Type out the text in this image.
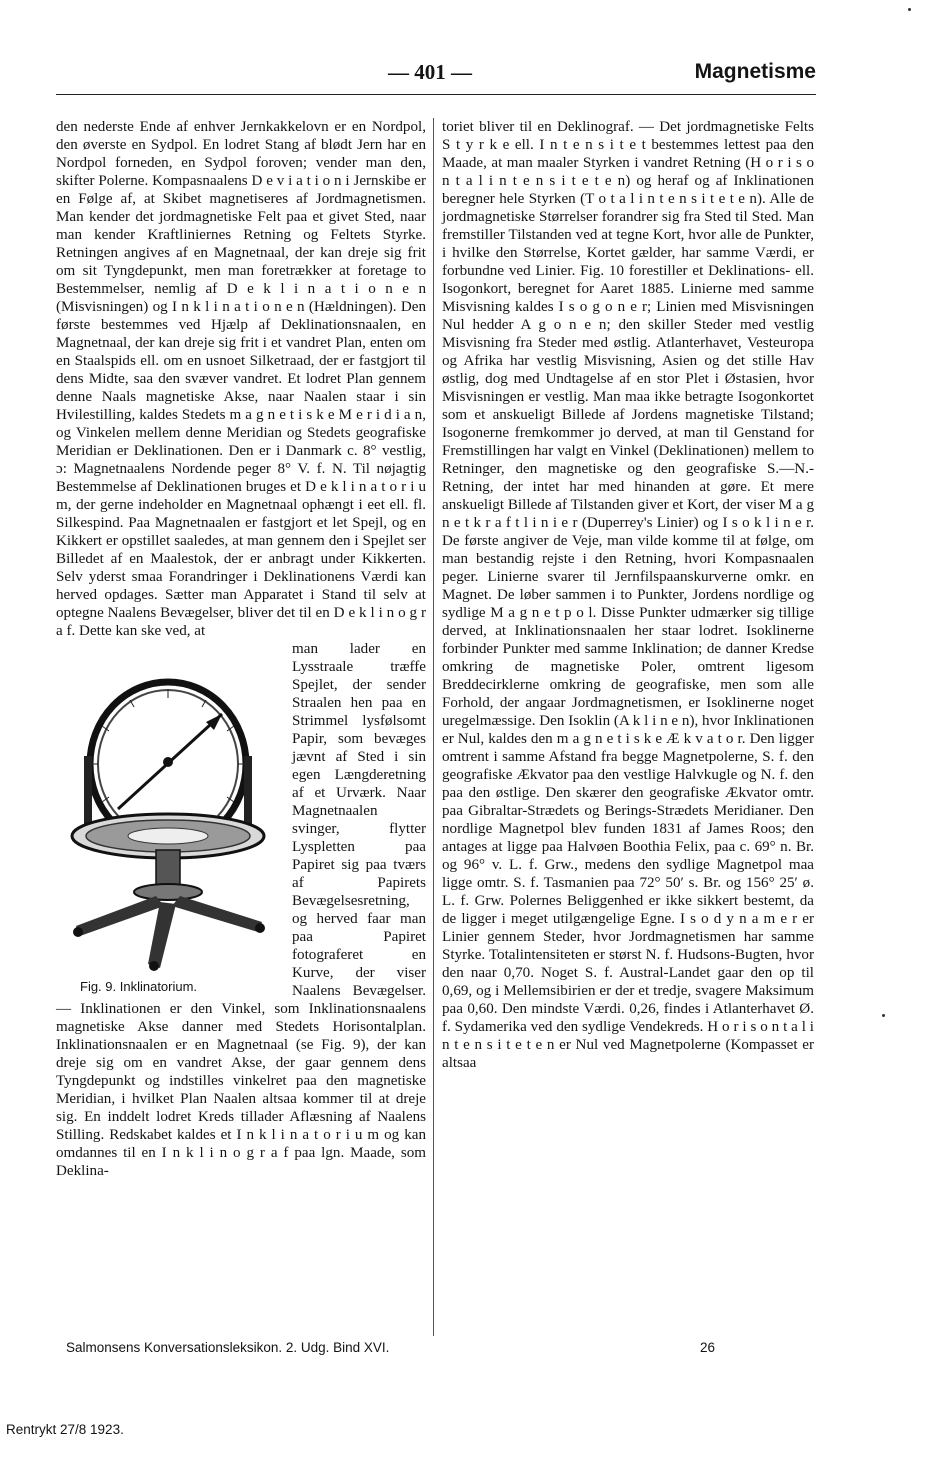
— 401 —	Magnetisme

den nederste Ende af enhver Jernkakkelovn er en Nordpol, den øverste en Sydpol. En lodret Stang af blødt Jern har en Nordpol forneden, en Sydpol foroven; vender man den, skifter Polerne. Kompasnaalens D e v i a t i o n i Jernskibe er en Følge af, at Skibet magnetiseres af Jordmagnetismen. Man kender det jordmagnetiske Felt paa et givet Sted, naar man kender Kraftliniernes Retning og Feltets Styrke. Retningen angives af en Magnetnaal, der kan dreje sig frit om sit Tyngdepunkt, men man foretrækker at foretage to Bestemmelser, nemlig af D e k l i n a t i o n e n (Misvisningen) og I n k l i n a t i o n e n (Hældningen). Den første bestemmes ved Hjælp af Deklinationsnaalen, en Magnetnaal, der kan dreje sig frit i et vandret Plan, enten om en Staalspids ell. om en usnoet Silketraad, der er fastgjort til dens Midte, saa den svæver vandret. Et lodret Plan gennem denne Naals magnetiske Akse, naar Naalen staar i sin Hvilestilling, kaldes Stedets m a g n e t i s k e M e r i d i a n, og Vinkelen mellem denne Meridian og Stedets geografiske Meridian er Deklinationen. Den er i Danmark c. 8° vestlig, ɔ: Magnetnaalens Nordende peger 8° V. f. N. Til nøjagtig Bestemmelse af Deklinationen bruges et D e k l i n a t o r i u m, der gerne indeholder en Magnetnaal ophængt i eet ell. fl. Silkespind. Paa Magnetnaalen er fastgjort et let Spejl, og en Kikkert er opstillet saaledes, at man gennem den i Spejlet ser Billedet af en Maalestok, der er anbragt under Kikkerten. Selv yderst smaa Forandringer i Deklinationens Værdi kan herved opdages. Sætter man Apparatet i Stand til selv at optegne Naalens Bevægelser, bliver det til en D e k l i n o g r a f. Dette kan ske ved, at

Fig. 9. Inklinatorium.
man lader en Lysstraale træffe Spejlet, der sender Straalen hen paa en Strimmel lysfølsomt Papir, som bevæges jævnt af Sted i sin egen Længderetning af et Urværk. Naar Magnetnaalen svinger, flytter Lyspletten paa Papiret sig paa tværs af Papirets Bevægelsesretning, og herved faar man paa Papiret fotograferet en Kurve, der viser Naalens Bevægelser. — Inklinationen er den Vinkel, som Inklinationsnaalens magnetiske Akse danner med Stedets Horisontalplan. Inklinationsnaalen er en Magnetnaal (se Fig. 9), der kan dreje sig om en vandret Akse, der gaar gennem dens Tyngdepunkt og indstilles vinkelret paa den magnetiske Meridian, i hvilket Plan Naalen altsaa kommer til at dreje sig. En inddelt lodret Kreds tillader Aflæsning af Naalens Stilling. Redskabet kaldes et I n k l i n a t o r i u m og kan omdannes til en I n k l i n o g r a f paa lgn. Maade, som Deklina-

toriet bliver til en Deklinograf. — Det jordmagnetiske Felts S t y r k e ell. I n t e n s i t e t bestemmes lettest paa den Maade, at man maaler Styrken i vandret Retning (H o r i s o n t a l i n t e n s i t e t e n) og heraf og af Inklinationen beregner hele Styrken (T o t a l i n t e n s i t e t e n). Alle de jordmagnetiske Størrelser forandrer sig fra Sted til Sted. Man fremstiller Tilstanden ved at tegne Kort, hvor alle de Punkter, i hvilke den Størrelse, Kortet gælder, har samme Værdi, er forbundne ved Linier. Fig. 10 forestiller et Deklinations- ell. Isogonkort, beregnet for Aaret 1885. Linierne med samme Misvisning kaldes I s o g o n e r; Linien med Misvisningen Nul hedder A g o n e n; den skiller Steder med vestlig Misvisning fra Steder med østlig. Atlanterhavet, Vesteuropa og Afrika har vestlig Misvisning, Asien og det stille Hav østlig, dog med Undtagelse af en stor Plet i Østasien, hvor Misvisningen er vestlig. Man maa ikke betragte Isogonkortet som et anskueligt Billede af Jordens magnetiske Tilstand; Isogonerne fremkommer jo derved, at man til Genstand for Fremstillingen har valgt en Vinkel (Deklinationen) mellem to Retninger, den magnetiske og den geografiske S.—N.-Retning, der intet har med hinanden at gøre. Et mere anskueligt Billede af Tilstanden giver et Kort, der viser M a g n e t k r a f t l i n i e r (Duperrey's Linier) og I s o k l i n e r. De første angiver de Veje, man vilde komme til at følge, om man bestandig rejste i den Retning, hvori Kompasnaalen peger. Linierne svarer til Jernfilspaanskurverne omkr. en Magnet. De løber sammen i to Punkter, Jordens nordlige og sydlige M a g n e t p o l. Disse Punkter udmærker sig tillige derved, at Inklinationsnaalen her staar lodret. Isoklinerne forbinder Punkter med samme Inklination; de danner Kredse omkring de magnetiske Poler, omtrent ligesom Breddecirklerne omkring de geografiske, men som alle Forhold, der angaar Jordmagnetismen, er Isoklinerne noget uregelmæssige. Den Isoklin (A k l i n e n), hvor Inklinationen er Nul, kaldes den m a g n e t i s k e Æ k v a t o r. Den ligger omtrent i samme Afstand fra begge Magnetpolerne, S. f. den geografiske Ækvator paa den vestlige Halvkugle og N. f. den paa den østlige. Den skærer den geografiske Ækvator omtr. paa Gibraltar-Strædets og Berings-Strædets Meridianer. Den nordlige Magnetpol blev funden 1831 af James Roos; den antages at ligge paa Halvøen Boothia Felix, paa c. 69° n. Br. og 96° v. L. f. Grw., medens den sydlige Magnetpol maa ligge omtr. S. f. Tasmanien paa 72° 50′ s. Br. og 156° 25′ ø. L. f. Grw. Polernes Beliggenhed er ikke sikkert bestemt, da de ligger i meget utilgængelige Egne. I s o d y n a m e r er Linier gennem Steder, hvor Jordmagnetismen har samme Styrke. Totalintensiteten er størst N. f. Hudsons-Bugten, hvor den naar 0,70. Noget S. f. Austral-Landet gaar den op til 0,69, og i Mellemsibirien er der et tredje, svagere Maksimum paa 0,60. Den mindste Værdi. 0,26, findes i Atlanterhavet Ø. f. Sydamerika ved den sydlige Vendekreds. H o r i s o n t a l i n t e n s i t e t e n er Nul ved Magnetpolerne (Kompasset er altsaa

Salmonsens Konversationsleksikon. 2. Udg. Bind XVI.	26
Rentrykt 27/8 1923.
